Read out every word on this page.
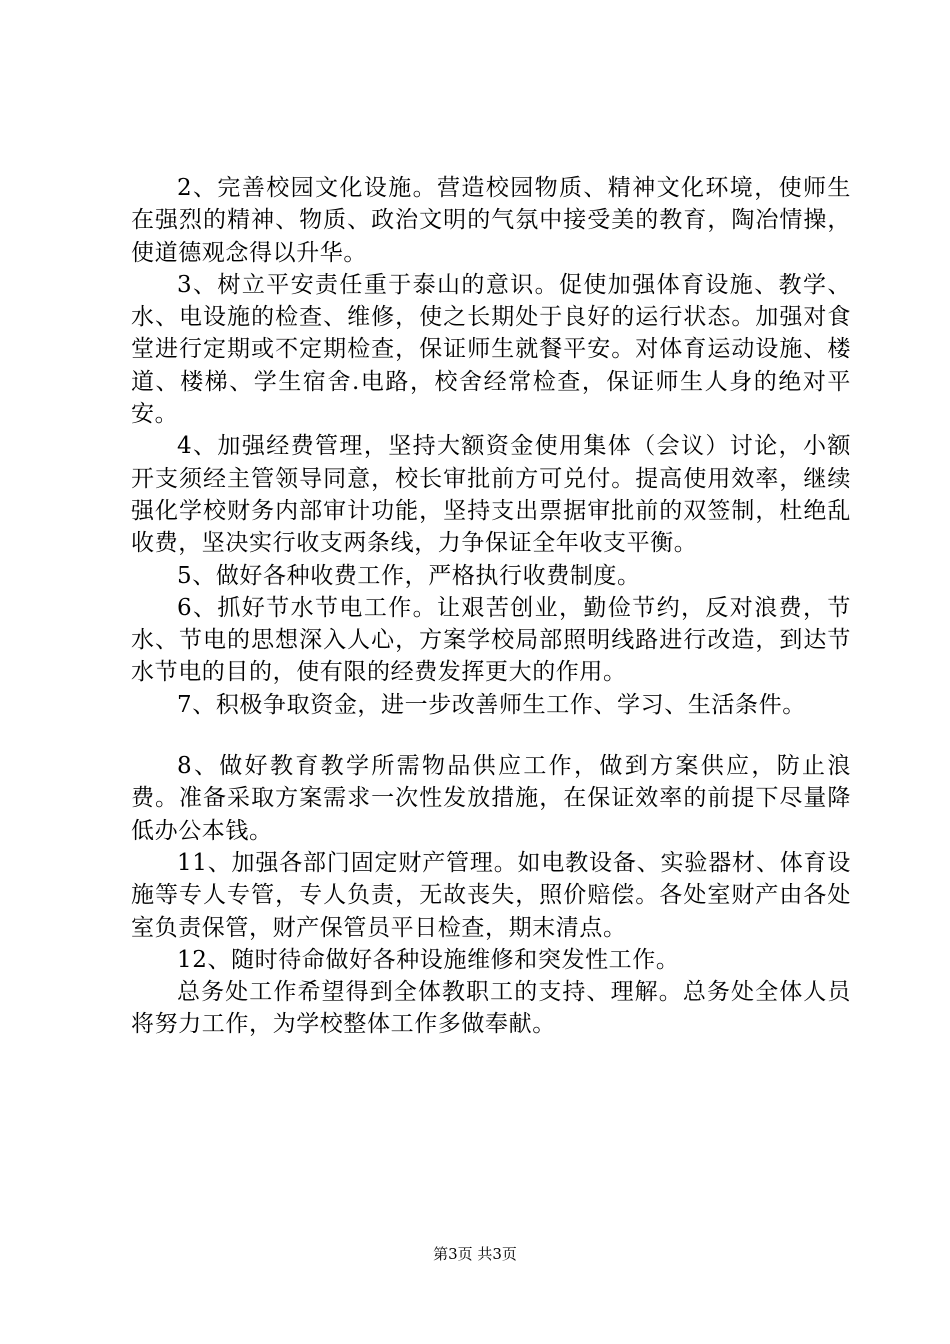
2、完善校园文化设施。营造校园物质、精神文化环境，使师生在强烈的精神、物质、政治文明的气氛中接受美的教育，陶冶情操，使道德观念得以升华。

3、树立平安责任重于泰山的意识。促使加强体育设施、教学、水、电设施的检查、维修，使之长期处于良好的运行状态。加强对食堂进行定期或不定期检查，保证师生就餐平安。对体育运动设施、楼道、楼梯、学生宿舍.电路，校舍经常检查，保证师生人身的绝对平安。

4、加强经费管理，坚持大额资金使用集体（会议）讨论，小额开支须经主管领导同意，校长审批前方可兑付。提高使用效率，继续强化学校财务内部审计功能，坚持支出票据审批前的双签制，杜绝乱收费，坚决实行收支两条线，力争保证全年收支平衡。

5、做好各种收费工作，严格执行收费制度。

6、抓好节水节电工作。让艰苦创业，勤俭节约，反对浪费，节水、节电的思想深入人心，方案学校局部照明线路进行改造，到达节水节电的目的，使有限的经费发挥更大的作用。

7、积极争取资金，进一步改善师生工作、学习、生活条件。

8、做好教育教学所需物品供应工作，做到方案供应，防止浪费。准备采取方案需求一次性发放措施，在保证效率的前提下尽量降低办公本钱。

11、加强各部门固定财产管理。如电教设备、实验器材、体育设施等专人专管，专人负责，无故丧失，照价赔偿。各处室财产由各处室负责保管，财产保管员平日检查，期末清点。

12、随时待命做好各种设施维修和突发性工作。

总务处工作希望得到全体教职工的支持、理解。总务处全体人员将努力工作，为学校整体工作多做奉献。

第3页 共3页
